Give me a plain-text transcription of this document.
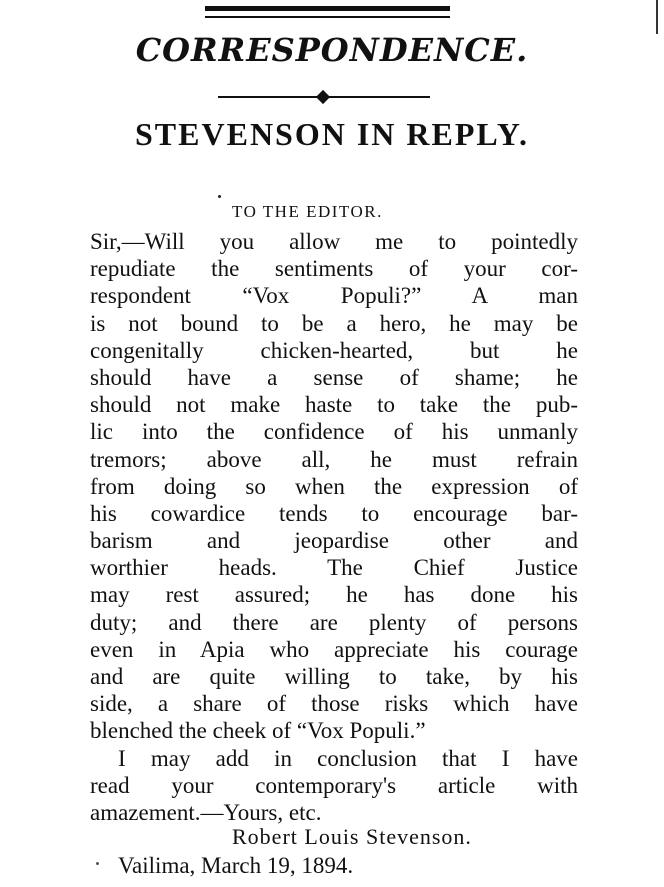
CORRESPONDENCE.
STEVENSON IN REPLY.
TO THE EDITOR.
Sir,—Will you allow me to pointedly
repudiate the sentiments of your cor-
respondent “Vox Populi?” A man
is not bound to be a hero, he may be
congenitally chicken-hearted, but he
should have a sense of shame; he
should not make haste to take the pub-
lic into the confidence of his unmanly
tremors; above all, he must refrain
from doing so when the expression of
his cowardice tends to encourage bar-
barism and jeopardise other and
worthier heads. The Chief Justice
may rest assured; he has done his
duty; and there are plenty of persons
even in Apia who appreciate his courage
and are quite willing to take, by his
side, a share of those risks which have
blenched the cheek of “Vox Populi.”
I may add in conclusion that I have
read your contemporary's article with
amazement.—Yours, etc.
Robert Louis Stevenson.
Vailima, March 19, 1894.
